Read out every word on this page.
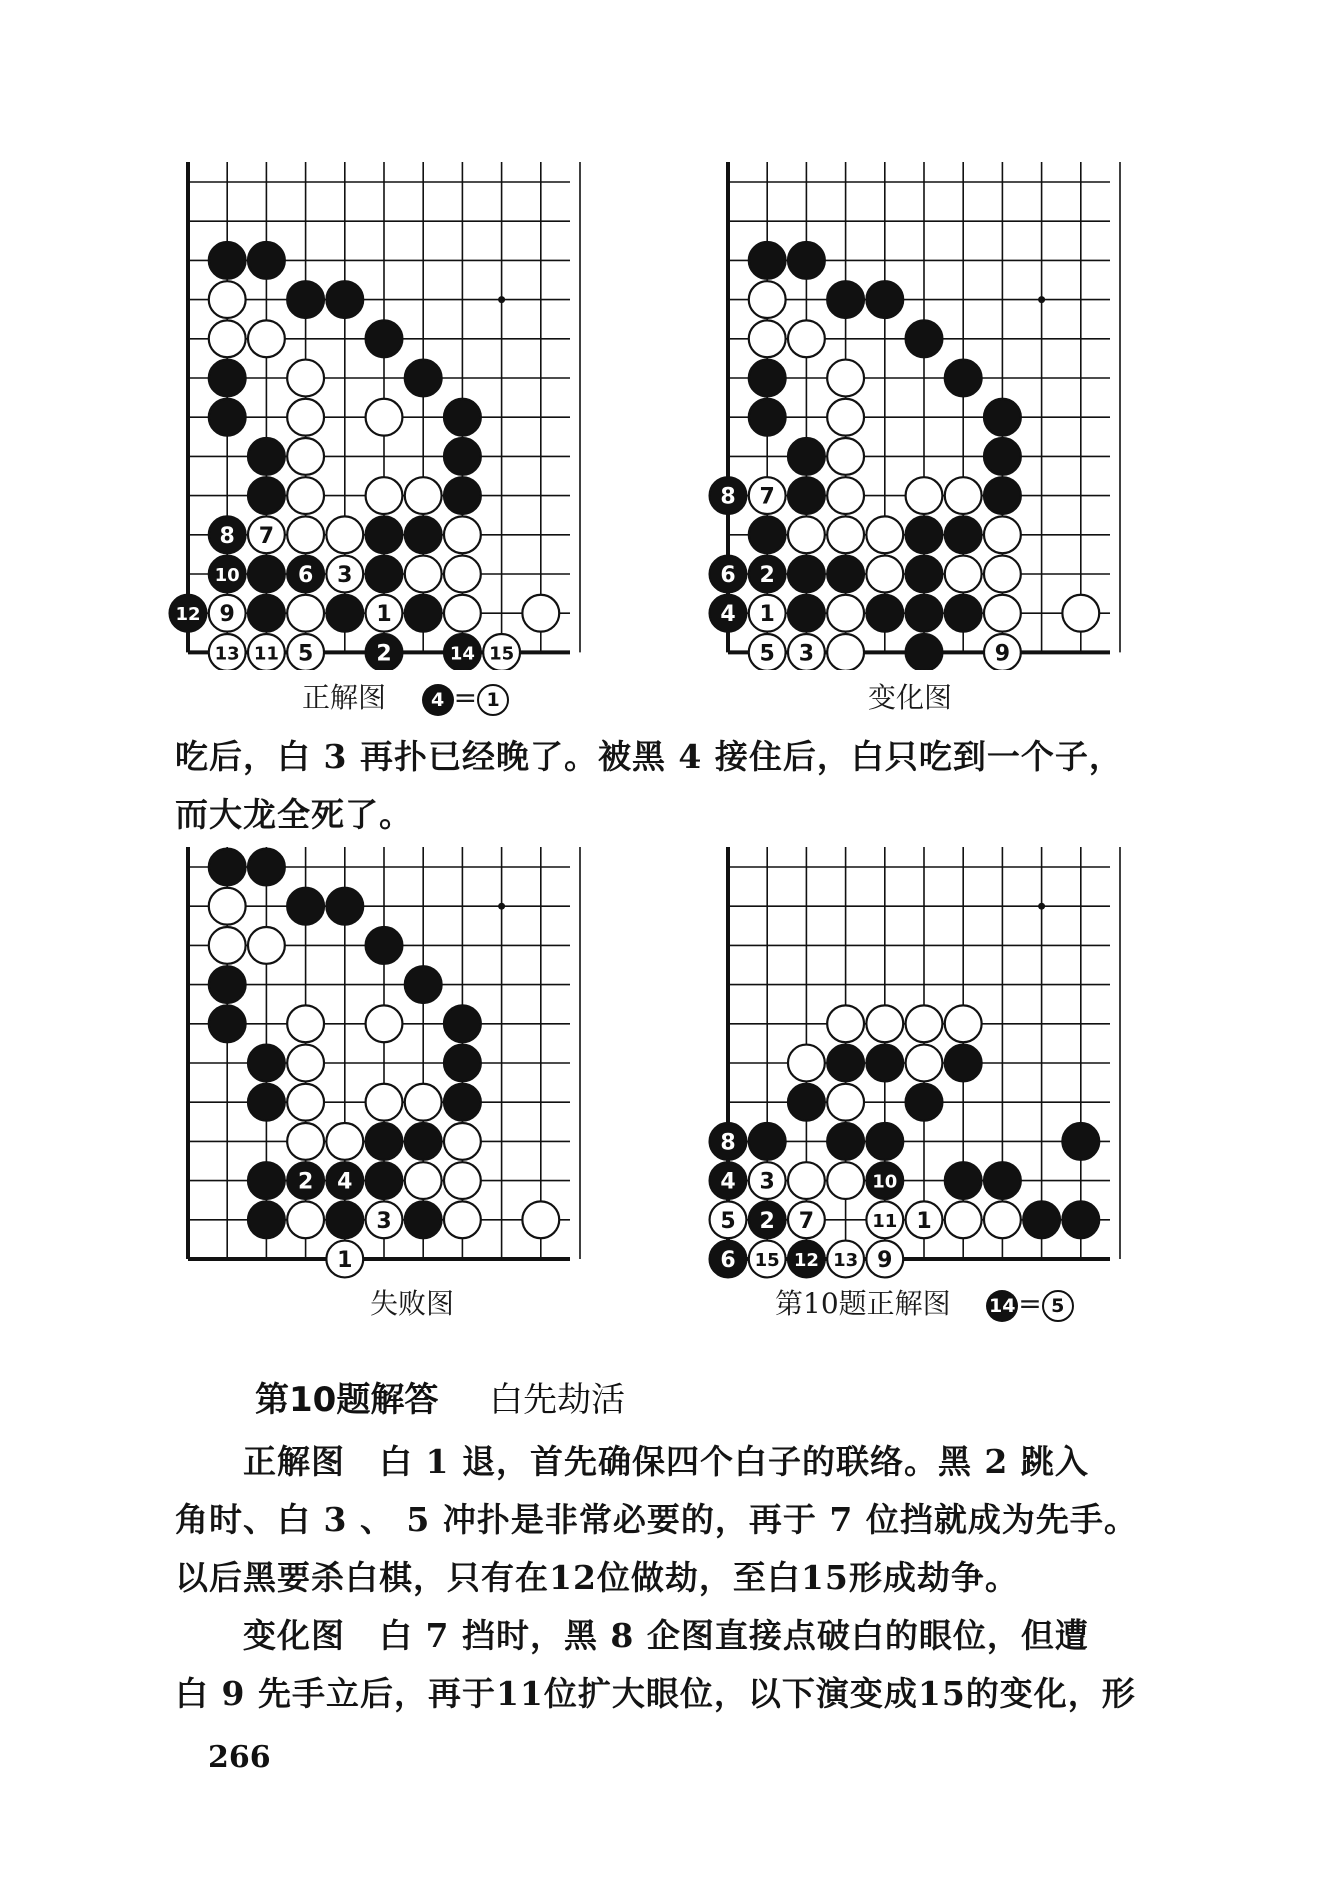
8 7
10	6 3
12 9	1
13 11 5	2	14 15
正解图 4 = 1
8 7
6 2
4 1
5 3	9
变化图

吃后，白 3 再扑已经晚了。被黑 4 接住后，白只吃到一个子，

而大龙全死了。

2 4
3
1
失败图
8
4 3	10
5 2 7	11 1
6 15 12 13 9
第10题正解图 14= 5
第10题解答 白先劫活

　　正解图　白 1 退，首先确保四个白子的联络。黑 2 跳入

角时、白 3 、 5 冲扑是非常必要的，再于 7 位挡就成为先手。

以后黑要杀白棋，只有在12位做劫，至白15形成劫争。

　　变化图　白 7 挡时，黑 8 企图直接点破白的眼位，但遭

白 9 先手立后，再于11位扩大眼位，以下演变成15的变化，形

266
